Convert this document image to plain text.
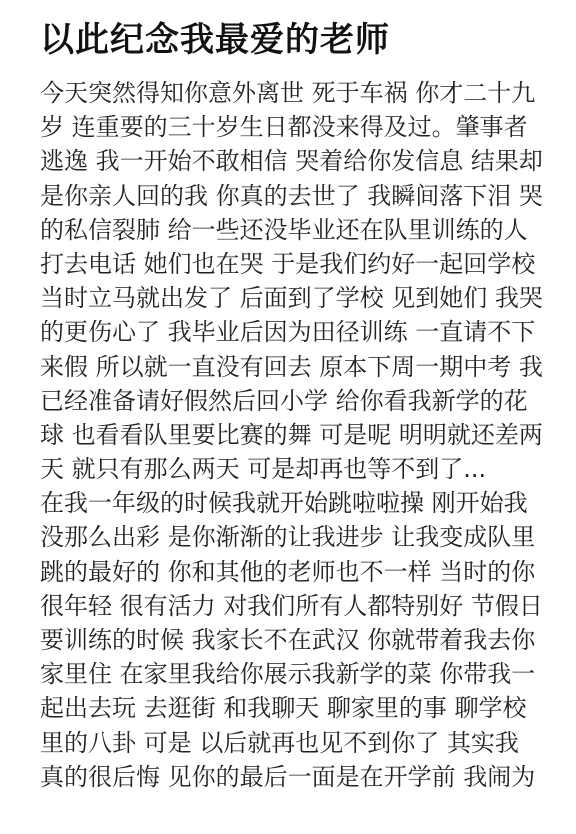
以此纪念我最爱的老师
今天突然得知你意外离世 死于车祸 你才二十九
岁 连重要的三十岁生日都没来得及过。肇事者
逃逸 我一开始不敢相信 哭着给你发信息 结果却
是你亲人回的我 你真的去世了 我瞬间落下泪 哭
的私信裂肺 给一些还没毕业还在队里训练的人
打去电话 她们也在哭 于是我们约好一起回学校
当时立马就出发了 后面到了学校 见到她们 我哭
的更伤心了 我毕业后因为田径训练 一直请不下
来假 所以就一直没有回去 原本下周一期中考 我
已经准备请好假然后回小学 给你看我新学的花
球 也看看队里要比赛的舞 可是呢 明明就还差两
天 就只有那么两天 可是却再也等不到了...
在我一年级的时候我就开始跳啦啦操 刚开始我
没那么出彩 是你渐渐的让我进步 让我变成队里
跳的最好的 你和其他的老师也不一样 当时的你
很年轻 很有活力 对我们所有人都特别好 节假日
要训练的时候 我家长不在武汉 你就带着我去你
家里住 在家里我给你展示我新学的菜 你带我一
起出去玩 去逛街 和我聊天 聊家里的事 聊学校
里的八卦 可是 以后就再也见不到你了 其实我
真的很后悔 见你的最后一面是在开学前 我闹为
